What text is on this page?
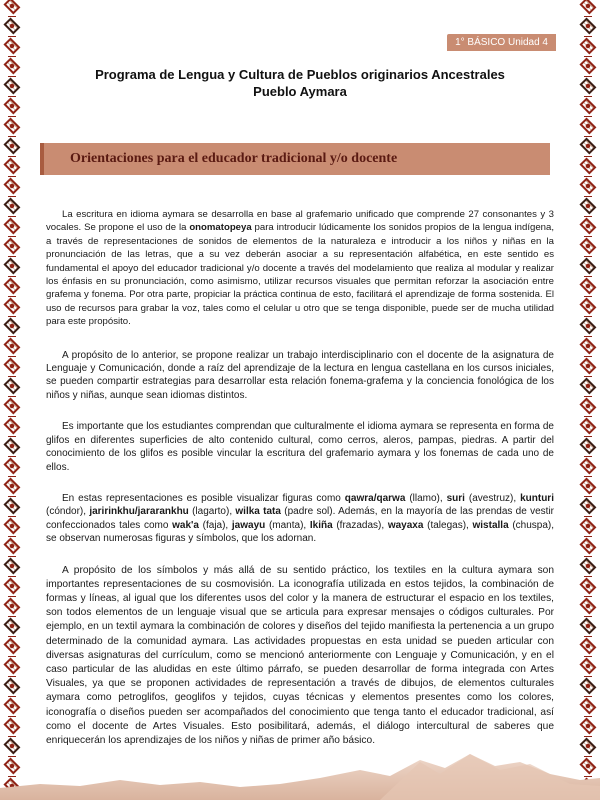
1° BÁSICO Unidad 4
Programa de Lengua y Cultura de Pueblos originarios Ancestrales
Pueblo Aymara
Orientaciones para el educador tradicional y/o docente

La escritura en idioma aymara se desarrolla en base al grafemario unificado que comprende 27 consonantes y 3 vocales. Se propone el uso de la onomatopeya para introducir lúdicamente los sonidos propios de la lengua indígena, a través de representaciones de sonidos de elementos de la naturaleza e introducir a los niños y niñas en la pronunciación de las letras, que a su vez deberán asociar a su representación alfabética, en este sentido es fundamental el apoyo del educador tradicional y/o docente a través del modelamiento que realiza al modular y realizar los énfasis en su pronunciación, como asimismo, utilizar recursos visuales que permitan reforzar la asociación entre grafema y fonema. Por otra parte, propiciar la práctica continua de esto, facilitará el aprendizaje de forma sostenida. El uso de recursos para grabar la voz, tales como el celular u otro que se tenga disponible, puede ser de mucha utilidad para este propósito.

A propósito de lo anterior, se propone realizar un trabajo interdisciplinario con el docente de la asignatura de Lenguaje y Comunicación, donde a raíz del aprendizaje de la lectura en lengua castellana en los cursos iniciales, se pueden compartir estrategias para desarrollar esta relación fonema-grafema y la conciencia fonológica de los niños y niñas, aunque sean idiomas distintos.

Es importante que los estudiantes comprendan que culturalmente el idioma aymara se representa en forma de glifos en diferentes superficies de alto contenido cultural, como cerros, aleros, pampas, piedras. A partir del conocimiento de los glifos es posible vincular la escritura del grafemario aymara y los fonemas de cada uno de ellos.

En estas representaciones es posible visualizar figuras como qawra/qarwa (llamo), suri (avestruz), kunturi (cóndor), jaririnkhu/jararankhu (lagarto), wilka tata (padre sol). Además, en la mayoría de las prendas de vestir confeccionados tales como wak'a (faja), jawayu (manta), Ikiña (frazadas), wayaxa (talegas), wistalla (chuspa), se observan numerosas figuras y símbolos, que los adornan.

A propósito de los símbolos y más allá de su sentido práctico, los textiles en la cultura aymara son importantes representaciones de su cosmovisión. La iconografía utilizada en estos tejidos, la combinación de formas y líneas, al igual que los diferentes usos del color y la manera de estructurar el espacio en los textiles, son todos elementos de un lenguaje visual que se articula para expresar mensajes o códigos culturales. Por ejemplo, en un textil aymara la combinación de colores y diseños del tejido manifiesta la pertenencia a un grupo determinado de la comunidad aymara. Las actividades propuestas en esta unidad se pueden articular con diversas asignaturas del currículum, como se mencionó anteriormente con Lenguaje y Comunicación, y en el caso particular de las aludidas en este último párrafo, se pueden desarrollar de forma integrada con Artes Visuales, ya que se proponen actividades de representación a través de dibujos, de elementos culturales aymara como petroglifos, geoglifos y tejidos, cuyas técnicas y elementos presentes como los colores, iconografía o diseños pueden ser acompañados del conocimiento que tenga tanto el educador tradicional, así como el docente de Artes Visuales. Esto posibilitará, además, el diálogo intercultural de saberes que enriquecerán los aprendizajes de los niños y niñas de primer año básico.
